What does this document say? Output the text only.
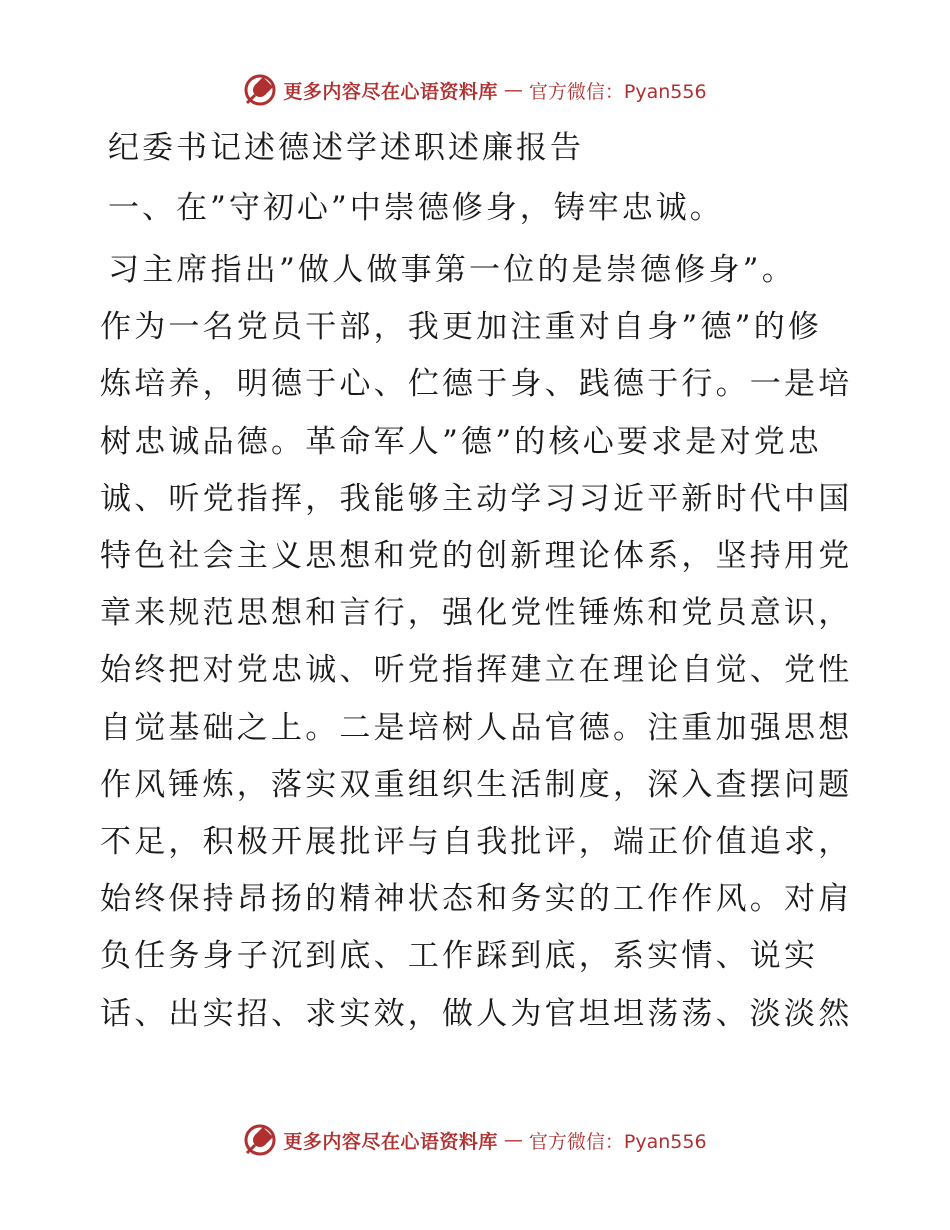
更多内容尽在心语资料库 — 官方微信：Pyan556
纪委书记述德述学述职述廉报告
一、在”守初心”中崇德修身，铸牢忠诚。
习主席指出”做人做事第一位的是崇德修身”。
作为一名党员干部，我更加注重对自身”德”的修
炼培养，明德于心、伫德于身、践德于行。一是培
树忠诚品德。革命军人”德”的核心要求是对党忠
诚、听党指挥，我能够主动学习习近平新时代中国
特色社会主义思想和党的创新理论体系，坚持用党
章来规范思想和言行，强化党性锤炼和党员意识，
始终把对党忠诚、听党指挥建立在理论自觉、党性
自觉基础之上。二是培树人品官德。注重加强思想
作风锤炼，落实双重组织生活制度，深入查摆问题
不足，积极开展批评与自我批评，端正价值追求，
始终保持昂扬的精神状态和务实的工作作风。对肩
负任务身子沉到底、工作踩到底，系实情、说实
话、出实招、求实效，做人为官坦坦荡荡、淡淡然
更多内容尽在心语资料库 — 官方微信：Pyan556
